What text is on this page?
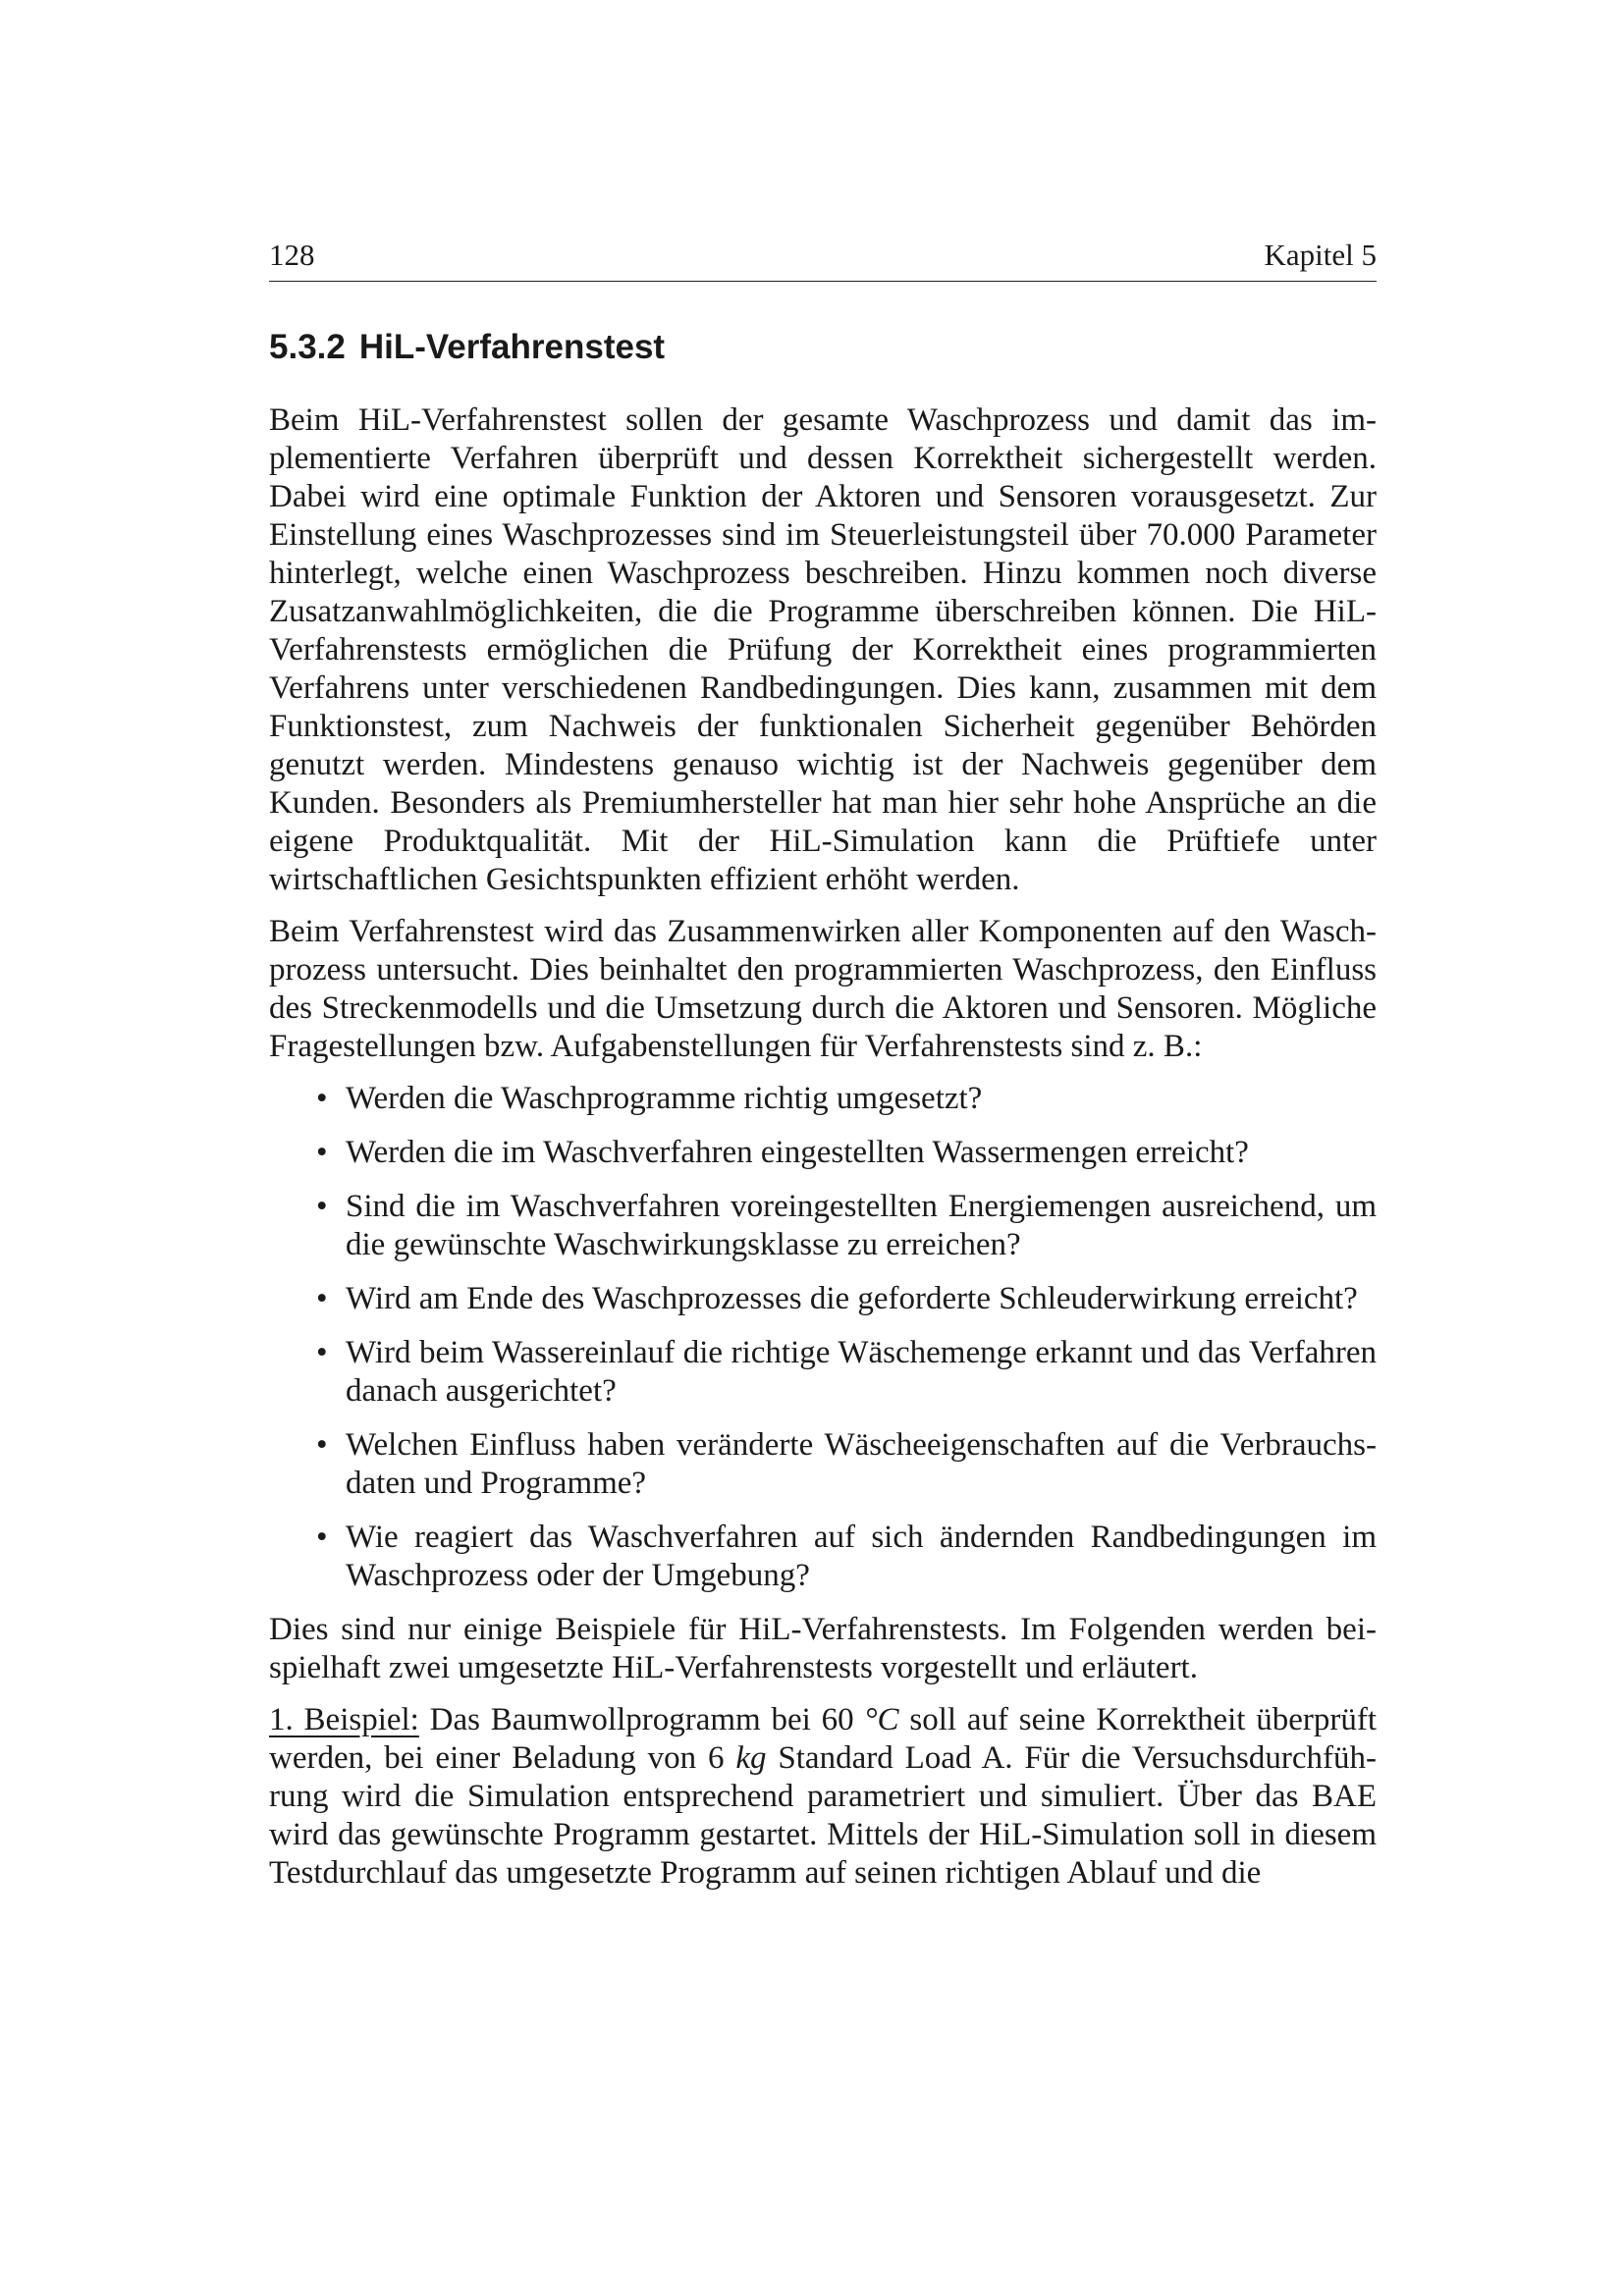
128	Kapitel 5
5.3.2 HiL-Verfahrenstest

Beim HiL-Verfahrenstest sollen der gesamte Waschprozess und damit das implementierte Verfahren überprüft und dessen Korrektheit sichergestellt werden. Dabei wird eine optimale Funktion der Aktoren und Sensoren vorausgesetzt. Zur Einstellung eines Waschprozesses sind im Steuerleistungsteil über 70.000 Parameter hinterlegt, welche einen Waschprozess beschreiben. Hinzu kommen noch diverse Zusatzanwahlmöglichkeiten, die die Programme überschreiben können. Die HiL-Verfahrenstests ermöglichen die Prüfung der Korrektheit eines programmierten Verfahrens unter verschiedenen Randbedingungen. Dies kann, zusammen mit dem Funktionstest, zum Nachweis der funktionalen Sicherheit gegenüber Behörden genutzt werden. Mindestens genauso wichtig ist der Nachweis gegenüber dem Kunden. Besonders als Premiumhersteller hat man hier sehr hohe Ansprüche an die eigene Produktqualität. Mit der HiL-Simulation kann die Prüftiefe unter wirtschaftlichen Gesichtspunkten effizient erhöht werden.

Beim Verfahrenstest wird das Zusammenwirken aller Komponenten auf den Waschprozess untersucht. Dies beinhaltet den programmierten Waschprozess, den Einfluss des Streckenmodells und die Umsetzung durch die Aktoren und Sensoren. Mögliche Fragestellungen bzw. Aufgabenstellungen für Verfahrenstests sind z. B.:

• Werden die Waschprogramme richtig umgesetzt?
• Werden die im Waschverfahren eingestellten Wassermengen erreicht?
• Sind die im Waschverfahren voreingestellten Energiemengen ausreichend, um die gewünschte Waschwirkungsklasse zu erreichen?
• Wird am Ende des Waschprozesses die geforderte Schleuderwirkung erreicht?
• Wird beim Wassereinlauf die richtige Wäschemenge erkannt und das Verfahren danach ausgerichtet?
• Welchen Einfluss haben veränderte Wäscheeigenschaften auf die Verbrauchsdaten und Programme?
• Wie reagiert das Waschverfahren auf sich ändernden Randbedingungen im Waschprozess oder der Umgebung?

Dies sind nur einige Beispiele für HiL-Verfahrenstests. Im Folgenden werden beispielhaft zwei umgesetzte HiL-Verfahrenstests vorgestellt und erläutert.

1. Beispiel: Das Baumwollprogramm bei 60 °C soll auf seine Korrektheit überprüft werden, bei einer Beladung von 6 kg Standard Load A. Für die Versuchsdurchführung wird die Simulation entsprechend parametriert und simuliert. Über das BAE wird das gewünschte Programm gestartet. Mittels der HiL-Simulation soll in diesem Testdurchlauf das umgesetzte Programm auf seinen richtigen Ablauf und die
